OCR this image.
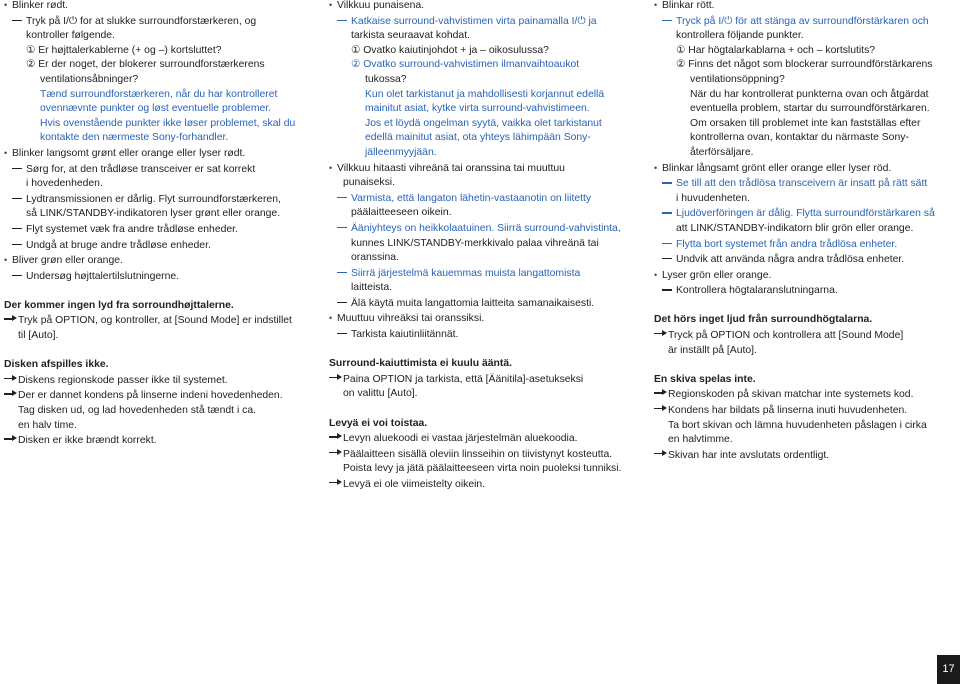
• Blinker rødt.
Tryk på I/⏻ for at slukke surroundforstærkeren, og
kontroller følgende.
① Er højttalerkablerne (+ og –) kortsluttet?
② Er der noget, der blokerer surroundforstærkerens
ventilationsåbninger?
Tænd surroundforstærkeren, når du har kontrolleret
ovennævnte punkter og løst eventuelle problemer.
Hvis ovenstående punkter ikke løser problemet, skal du
kontakte den nærmeste Sony-forhandler.
• Blinker langsomt grønt eller orange eller lyser rødt.
Sørg for, at den trådløse transceiver er sat korrekt
i hovedenheden.
Lydtransmissionen er dårlig. Flyt surroundforstærkeren,
så LINK/STANDBY-indikatoren lyser grønt eller orange.
Flyt systemet væk fra andre trådløse enheder.
Undgå at bruge andre trådløse enheder.
• Bliver grøn eller orange.
Undersøg højttalertilslutningerne.
Der kommer ingen lyd fra sorroundhøjttalerne.
Tryk på OPTION, og kontroller, at [Sound Mode] er indstillet
til [Auto].
Disken afspilles ikke.
Diskens regionskode passer ikke til systemet.
Der er dannet kondens på linserne indeni hovedenheden.
Tag disken ud, og lad hovedenheden stå tændt i ca.
en halv time.
Disken er ikke brændt korrekt.
• Vilkkuu punaisena.
Katkaise surround-vahvistimen virta painamalla I/⏻ ja
tarkista seuraavat kohdat.
① Ovatko kaiutinjohdot + ja – oikosulussa?
② Ovatko surround-vahvistimen ilmanvaihtoaukot
tukossa?
Kun olet tarkistanut ja mahdollisesti korjannut edellä
mainitut asiat, kytke virta surround-vahvistimeen.
Jos et löydä ongelman syytä, vaikka olet tarkistanut
edellä mainitut asiat, ota yhteys lähimpään Sony-
jälleenmyyjään.
• Vilkkuu hitaasti vihreänä tai oranssina tai muuttuu
punaiseksi.
Varmista, että langaton lähetin-vastaanotin on liitetty
päälaitteeseen oikein.
Ääniyhteys on heikkolaatuinen. Siirrä surround-vahvistinta,
kunnes LINK/STANDBY-merkkivalo palaa vihreänä tai
oranssina.
Siirrä järjestelmä kauemmas muista langattomista
laitteista.
Älä käytä muita langattomia laitteita samanaikaisesti.
• Muuttuu vihreäksi tai oranssiksi.
Tarkista kaiutinliitännät.
Surround-kaiuttimista ei kuulu ääntä.
Paina OPTION ja tarkista, että [Äänitila]-asetukseksi
on valittu [Auto].
Levyä ei voi toistaa.
Levyn aluekoodi ei vastaa järjestelmän aluekoodia.
Päälaitteen sisällä oleviin linsseihin on tiivistynyt kosteutta.
Poista levy ja jätä päälaitteeseen virta noin puoleksi tunniksi.
Levyä ei ole viimeistelty oikein.
• Blinkar rött.
Tryck på I/⏻ för att stänga av surroundförstärkaren och
kontrollera följande punkter.
① Har högtalarkablarna + och – kortslutits?
② Finns det något som blockerar surroundförstärkarens
ventilationsöppning?
När du har kontrollerat punkterna ovan och åtgärdat
eventuella problem, startar du surroundförstärkaren.
Om orsaken till problemet inte kan fastställas efter
kontrollerna ovan, kontaktar du närmaste Sony-
återförsäljare.
• Blinkar långsamt grönt eller orange eller lyser röd.
Se till att den trådlösa transceivern är insatt på rätt sätt
i huvudenheten.
Ljudöverföringen är dålig. Flytta surroundförstärkaren så
att LINK/STANDBY-indikatorn blir grön eller orange.
Flytta bort systemet från andra trådlösa enheter.
Undvik att använda några andra trådlösa enheter.
• Lyser grön eller orange.
Kontrollera högtalaranslutningarna.
Det hörs inget ljud från surroundhögtalarna.
Tryck på OPTION och kontrollera att [Sound Mode]
är inställt på [Auto].
En skiva spelas inte.
Regionskoden på skivan matchar inte systemets kod.
Kondens har bildats på linserna inuti huvudenheten.
Ta bort skivan och lämna huvudenheten påslagen i cirka
en halvtimme.
Skivan har inte avslutats ordentligt.
17
